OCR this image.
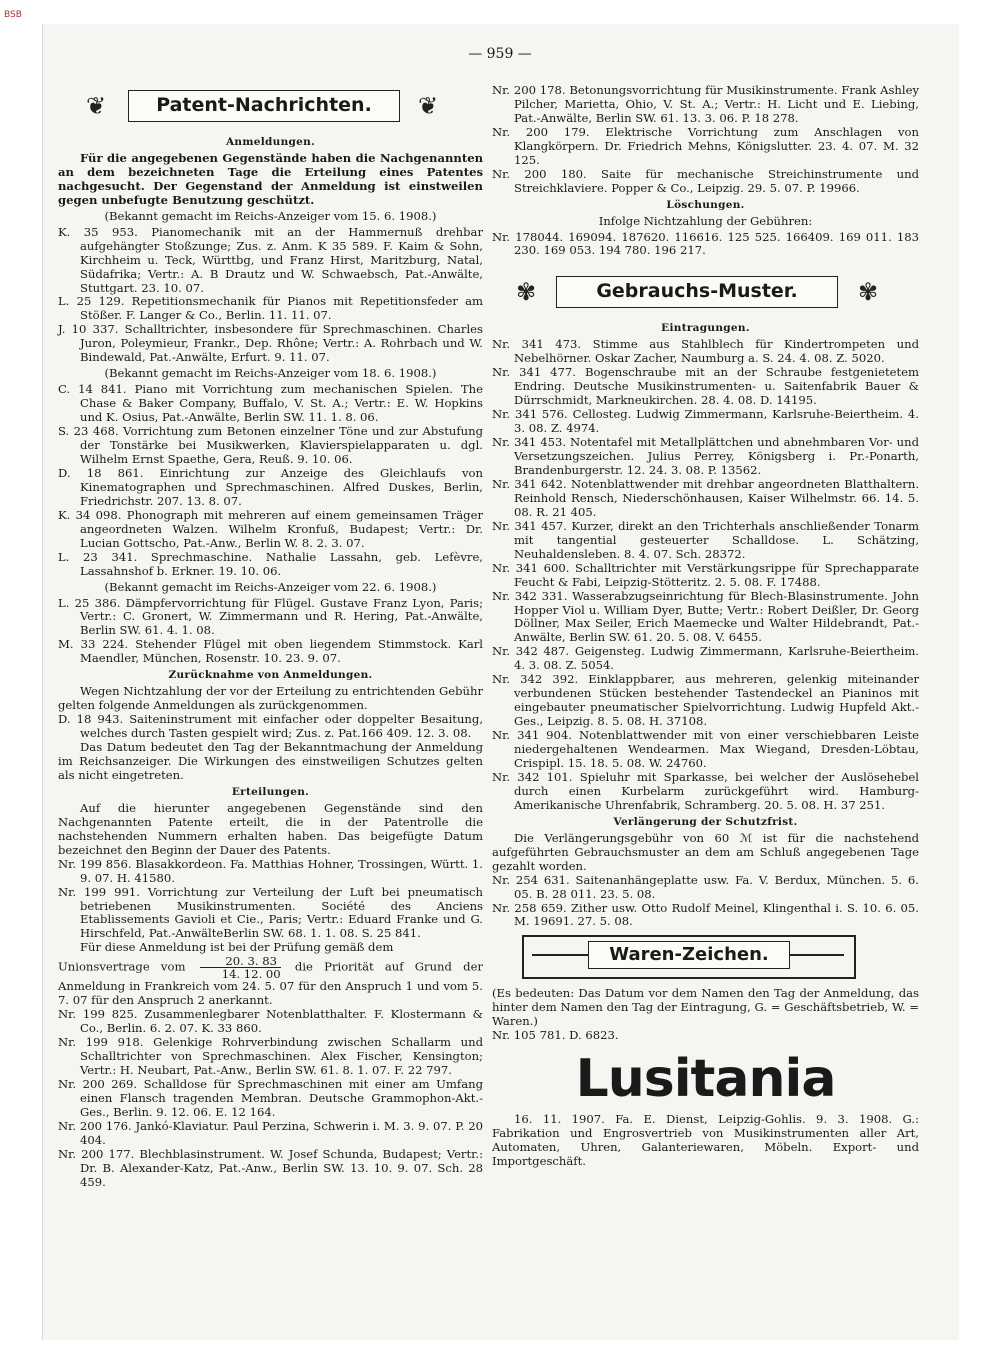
BSB
— 959 —
❦	Patent-Nachrichten.	❦
Anmeldungen.

Für die angegebenen Gegenstände haben die Nachgenannten an dem bezeichneten Tage die Erteilung eines Patentes nachgesucht. Der Gegenstand der Anmeldung ist einstweilen gegen unbefugte Benutzung geschützt.

(Bekannt gemacht im Reichs-Anzeiger vom 15. 6. 1908.)

K. 35 953. Pianomechanik mit an der Hammernuß drehbar aufgehängter Stoßzunge; Zus. z. Anm. K 35 589. F. Kaim & Sohn, Kirchheim u. Teck, Württbg, und Franz Hirst, Maritzburg, Natal, Südafrika; Vertr.: A. B Drautz und W. Schwaebsch, Pat.-Anwälte, Stuttgart. 23. 10. 07.

L. 25 129. Repetitionsmechanik für Pianos mit Repetitionsfeder am Stößer. F. Langer & Co., Berlin. 11. 11. 07.

J. 10 337. Schalltrichter, insbesondere für Sprechmaschinen. Charles Juron, Poleymieur, Frankr., Dep. Rhône; Vertr.: A. Rohrbach und W. Bindewald, Pat.-Anwälte, Erfurt. 9. 11. 07.

(Bekannt gemacht im Reichs-Anzeiger vom 18. 6. 1908.)

C. 14 841. Piano mit Vorrichtung zum mechanischen Spielen. The Chase & Baker Company, Buffalo, V. St. A.; Vertr.: E. W. Hopkins und K. Osius, Pat.-Anwälte, Berlin SW. 11. 1. 8. 06.

S. 23 468. Vorrichtung zum Betonen einzelner Töne und zur Abstufung der Tonstärke bei Musikwerken, Klavierspielapparaten u. dgl. Wilhelm Ernst Spaethe, Gera, Reuß. 9. 10. 06.

D. 18 861. Einrichtung zur Anzeige des Gleichlaufs von Kinematographen und Sprechmaschinen. Alfred Duskes, Berlin, Friedrichstr. 207. 13. 8. 07.

K. 34 098. Phonograph mit mehreren auf einem gemeinsamen Träger angeordneten Walzen. Wilhelm Kronfuß, Budapest; Vertr.: Dr. Lucian Gottscho, Pat.-Anw., Berlin W. 8. 2. 3. 07.

L. 23 341. Sprechmaschine. Nathalie Lassahn, geb. Lefèvre, Lassahnshof b. Erkner. 19. 10. 06.

(Bekannt gemacht im Reichs-Anzeiger vom 22. 6. 1908.)

L. 25 386. Dämpfervorrichtung für Flügel. Gustave Franz Lyon, Paris; Vertr.: C. Gronert, W. Zimmermann und R. Hering, Pat.-Anwälte, Berlin SW. 61. 4. 1. 08.

M. 33 224. Stehender Flügel mit oben liegendem Stimmstock. Karl Maendler, München, Rosenstr. 10. 23. 9. 07.

Zurücknahme von Anmeldungen.

Wegen Nichtzahlung der vor der Erteilung zu entrichtenden Gebühr gelten folgende Anmeldungen als zurückgenommen.

D. 18 943. Saiteninstrument mit einfacher oder doppelter Besaitung, welches durch Tasten gespielt wird; Zus. z. Pat.166 409. 12. 3. 08.

Das Datum bedeutet den Tag der Bekanntmachung der Anmeldung im Reichsanzeiger. Die Wirkungen des einstweiligen Schutzes gelten als nicht eingetreten.

Erteilungen.

Auf die hierunter angegebenen Gegenstände sind den Nachgenannten Patente erteilt, die in der Patentrolle die nachstehenden Nummern erhalten haben. Das beigefügte Datum bezeichnet den Beginn der Dauer des Patents.

Nr. 199 856. Blasakkordeon. Fa. Matthias Hohner, Trossingen, Württ. 1. 9. 07. H. 41580.

Nr. 199 991. Vorrichtung zur Verteilung der Luft bei pneumatisch betriebenen Musikinstrumenten. Société des Anciens Etablissements Gavioli et Cie., Paris; Vertr.: Eduard Franke und G. Hirschfeld, Pat.-AnwälteBerlin SW. 68. 1. 1. 08. S. 25 841.

Für diese Anmeldung ist bei der Prüfung gemäß dem
Unionsvertrage vom $\frac{20. 3. 83}{14. 12. 00}$ die Priorität auf Grund der Anmeldung in Frankreich vom 24. 5. 07 für den Anspruch 1 und vom 5. 7. 07 für den Anspruch 2 anerkannt.

Nr. 199 825. Zusammenlegbarer Notenblatthalter. F. Klostermann & Co., Berlin. 6. 2. 07. K. 33 860.

Nr. 199 918. Gelenkige Rohrverbindung zwischen Schallarm und Schalltrichter von Sprechmaschinen. Alex Fischer, Kensington; Vertr.: H. Neubart, Pat.-Anw., Berlin SW. 61. 8. 1. 07. F. 22 797.

Nr. 200 269. Schalldose für Sprechmaschinen mit einer am Umfang einen Flansch tragenden Membran. Deutsche Grammophon-Akt.-Ges., Berlin. 9. 12. 06. E. 12 164.

Nr. 200 176. Jankó-Klaviatur. Paul Perzina, Schwerin i. M. 3. 9. 07. P. 20 404.

Nr. 200 177. Blechblasinstrument. W. Josef Schunda, Budapest; Vertr.: Dr. B. Alexander-Katz, Pat.-Anw., Berlin SW. 13. 10. 9. 07. Sch. 28 459.

Nr. 200 178. Betonungsvorrichtung für Musikinstrumente. Frank Ashley Pilcher, Marietta, Ohio, V. St. A.; Vertr.: H. Licht und E. Liebing, Pat.-Anwälte, Berlin SW. 61. 13. 3. 06. P. 18 278.

Nr. 200 179. Elektrische Vorrichtung zum Anschlagen von Klangkörpern. Dr. Friedrich Mehns, Königslutter. 23. 4. 07. M. 32 125.

Nr. 200 180. Saite für mechanische Streichinstrumente und Streichklaviere. Popper & Co., Leipzig. 29. 5. 07. P. 19966.

Löschungen.

Infolge Nichtzahlung der Gebühren:

Nr. 178044. 169094. 187620. 116616. 125 525. 166409. 169 011. 183 230. 169 053. 194 780. 196 217.

✾	Gebrauchs-Muster.	✾
Eintragungen.

Nr. 341 473. Stimme aus Stahlblech für Kindertrompeten und Nebelhörner. Oskar Zacher, Naumburg a. S. 24. 4. 08. Z. 5020.

Nr. 341 477. Bogenschraube mit an der Schraube festgenietetem Endring. Deutsche Musikinstrumenten- u. Saitenfabrik Bauer & Dürrschmidt, Markneukirchen. 28. 4. 08. D. 14195.

Nr. 341 576. Cellosteg. Ludwig Zimmermann, Karlsruhe-Beiertheim. 4. 3. 08. Z. 4974.

Nr. 341 453. Notentafel mit Metallplättchen und abnehmbaren Vor- und Versetzungszeichen. Julius Perrey, Königsberg i. Pr.-Ponarth, Brandenburgerstr. 12. 24. 3. 08. P. 13562.

Nr. 341 642. Notenblattwender mit drehbar angeordneten Blatthaltern. Reinhold Rensch, Niederschönhausen, Kaiser Wilhelmstr. 66. 14. 5. 08. R. 21 405.

Nr. 341 457. Kurzer, direkt an den Trichterhals anschließender Tonarm mit tangential gesteuerter Schalldose. L. Schätzing, Neuhaldensleben. 8. 4. 07. Sch. 28372.

Nr. 341 600. Schalltrichter mit Verstärkungsrippe für Sprechapparate Feucht & Fabi, Leipzig-Stötteritz. 2. 5. 08. F. 17488.

Nr. 342 331. Wasserabzugseinrichtung für Blech-Blasinstrumente. John Hopper Viol u. William Dyer, Butte; Vertr.: Robert Deißler, Dr. Georg Döllner, Max Seiler, Erich Maemecke und Walter Hildebrandt, Pat.-Anwälte, Berlin SW. 61. 20. 5. 08. V. 6455.

Nr. 342 487. Geigensteg. Ludwig Zimmermann, Karlsruhe-Beiertheim. 4. 3. 08. Z. 5054.

Nr. 342 392. Einklappbarer, aus mehreren, gelenkig miteinander verbundenen Stücken bestehender Tastendeckel an Pianinos mit eingebauter pneumatischer Spielvorrichtung. Ludwig Hupfeld Akt.-Ges., Leipzig. 8. 5. 08. H. 37108.

Nr. 341 904. Notenblattwender mit von einer verschiebbaren Leiste niedergehaltenen Wendearmen. Max Wiegand, Dresden-Löbtau, Crispipl. 15. 18. 5. 08. W. 24760.

Nr. 342 101. Spieluhr mit Sparkasse, bei welcher der Auslösehebel durch einen Kurbelarm zurückgeführt wird. Hamburg-Amerikanische Uhrenfabrik, Schramberg. 20. 5. 08. H. 37 251.

Verlängerung der Schutzfrist.

Die Verlängerungsgebühr von 60 ℳ ist für die nachstehend aufgeführten Gebrauchsmuster an dem am Schluß angegebenen Tage gezahlt worden.

Nr. 254 631. Saitenanhängeplatte usw. Fa. V. Berdux, München. 5. 6. 05. B. 28 011. 23. 5. 08.

Nr. 258 659. Zither usw. Otto Rudolf Meinel, Klingenthal i. S. 10. 6. 05. M. 19691. 27. 5. 08.

Waren-Zeichen.

(Es bedeuten: Das Datum vor dem Namen den Tag der Anmeldung, das hinter dem Namen den Tag der Eintragung, G. = Geschäftsbetrieb, W. = Waren.)

Nr. 105 781. D. 6823.

Lusitania

16. 11. 1907. Fa. E. Dienst, Leipzig-Gohlis. 9. 3. 1908. G.: Fabrikation und Engrosvertrieb von Musikinstrumenten aller Art, Automaten, Uhren, Galanteriewaren, Möbeln. Export- und Importgeschäft.
